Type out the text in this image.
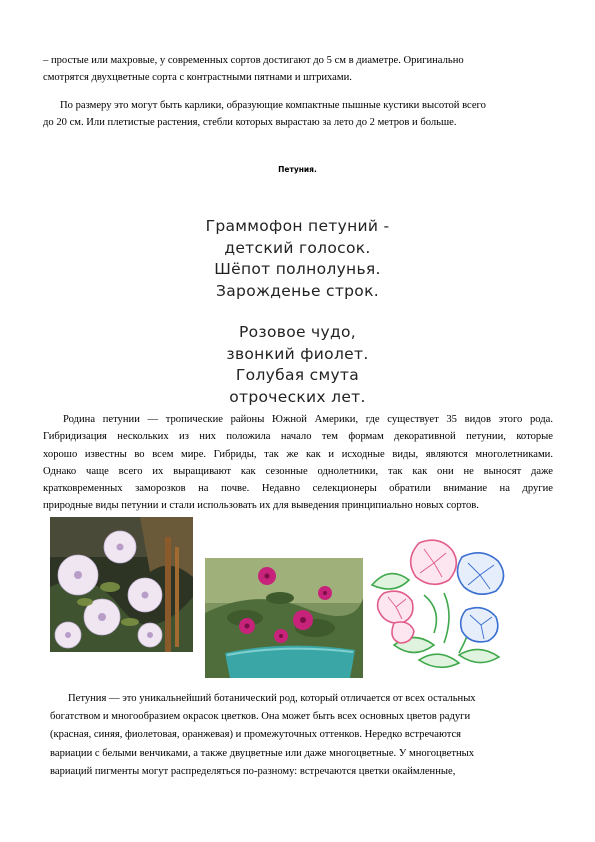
– простые или махровые, у современных сортов достигают до 5 см в диаметре. Оригинально
смотрятся двухцветные сорта с контрастными пятнами и штрихами.
По размеру это могут быть карлики, образующие компактные пышные кустики высотой всего
до 20 см. Или плетистые растения, стебли которых вырастаю за лето до 2 метров и больше.
Петуния.
Граммофон петуний -
детский голосок.
Шёпот полнолунья.
Зарожденье строк.
Розовое чудо,
звонкий фиолет.
Голубая смута
отроческих лет.
Родина петунии — тропические районы Южной Америки, где существует 35 видов этого рода.
Гибридизация нескольких из них положила начало тем формам декоративной петунии, которые
хорошо известны во всем мире. Гибриды, так же как и исходные виды, являются многолетниками.
Однако чаще всего их выращивают как сезонные однолетники, так как они не выносят даже
кратковременных заморозков на почве. Недавно селекционеры обратили внимание на другие
природные виды петунии и стали использовать их для выведения принципиально новых сортов.
Петуния — это уникальнейший ботанический род, который отличается от всех остальных
богатством и многообразием окрасок цветков. Она может быть всех основных цветов радуги
(красная, синяя, фиолетовая, оранжевая) и промежуточных оттенков. Нередко встречаются
вариации с белыми венчиками, а также двуцветные или даже многоцветные. У многоцветных
вариаций пигменты могут распределяться по-разному: встречаются цветки окаймленные,
